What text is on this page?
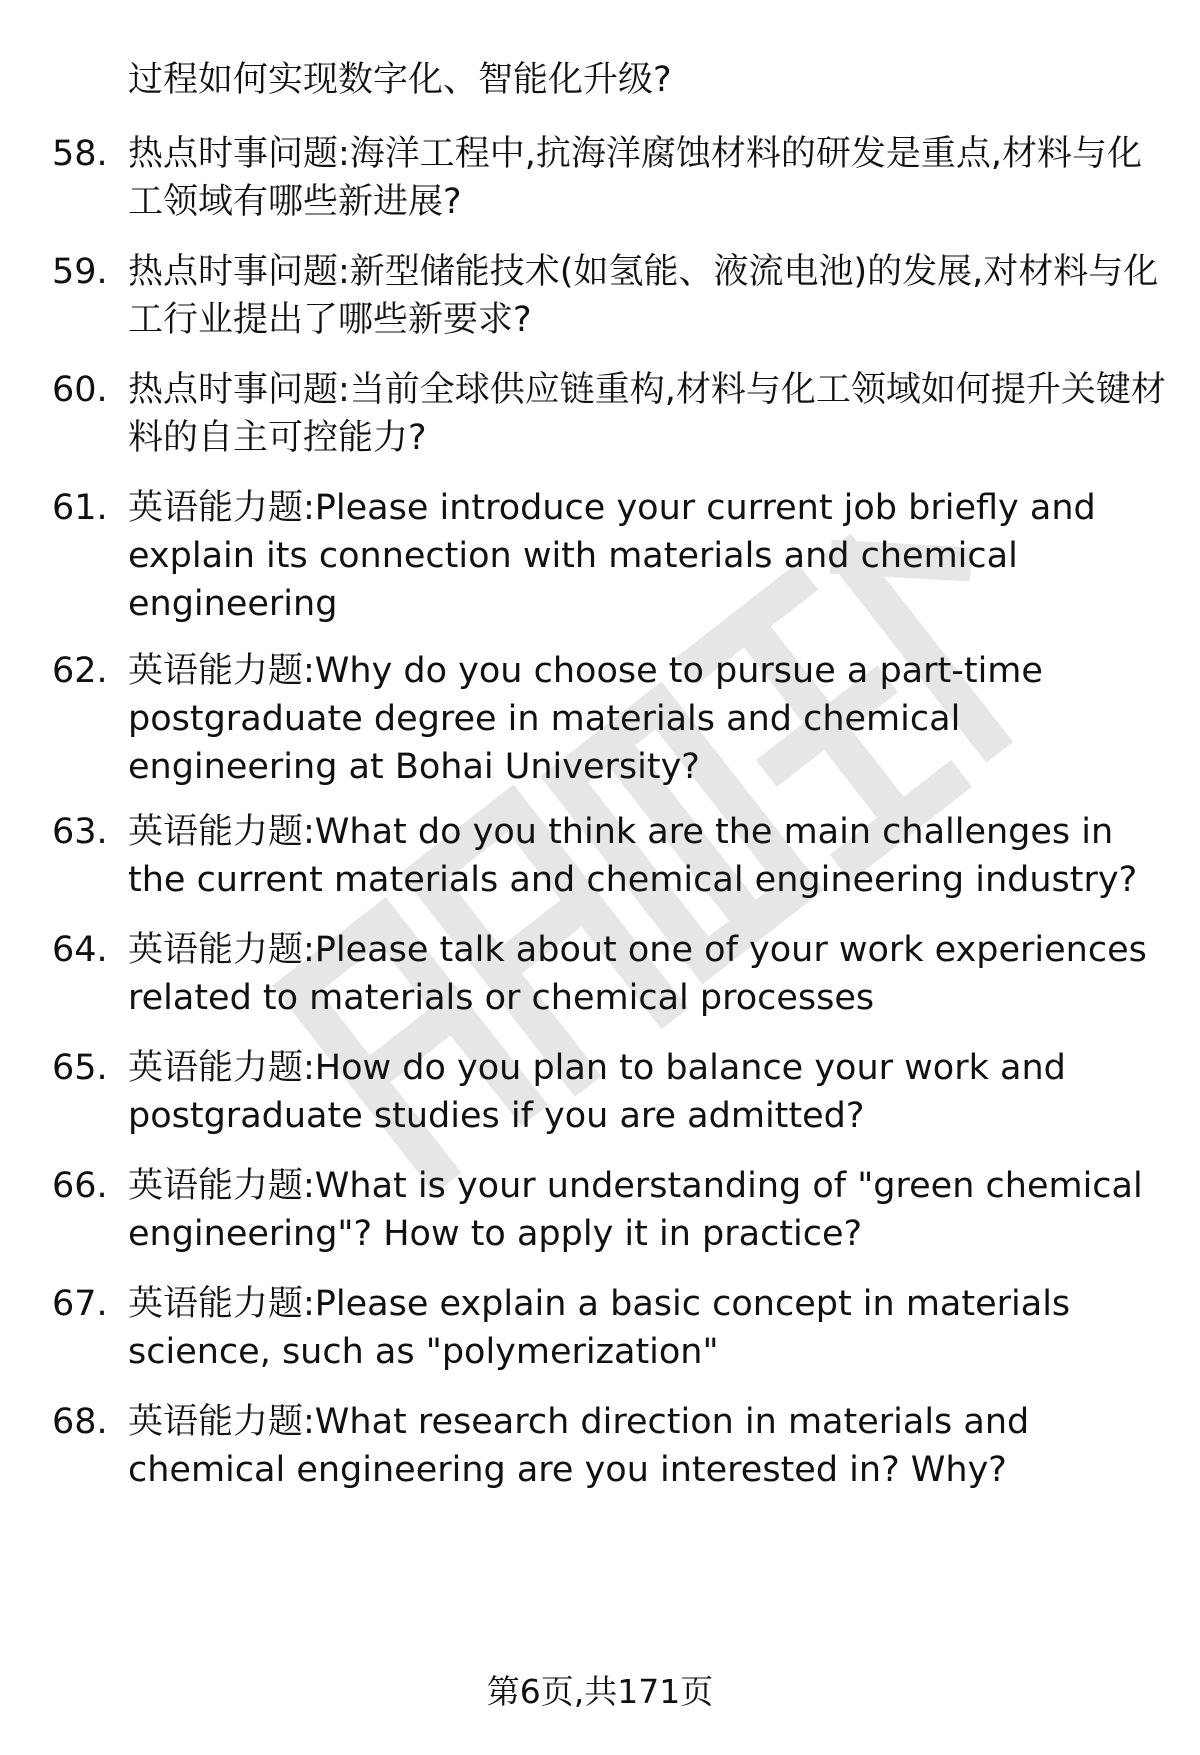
过程如何实现数字化、智能化升级?

58. 热点时事问题:海洋工程中,抗海洋腐蚀材料的研发是重点,材料与化工领域有哪些新进展?
59. 热点时事问题:新型储能技术(如氢能、液流电池)的发展,对材料与化工行业提出了哪些新要求?
60. 热点时事问题:当前全球供应链重构,材料与化工领域如何提升关键材料的自主可控能力?
61. 英语能力题:Please introduce your current job briefly and explain its connection with materials and chemical engineering
62. 英语能力题:Why do you choose to pursue a part-time postgraduate degree in materials and chemical engineering at Bohai University?
63. 英语能力题:What do you think are the main challenges in the current materials and chemical engineering industry?
64. 英语能力题:Please talk about one of your work experiences related to materials or chemical processes
65. 英语能力题:How do you plan to balance your work and postgraduate studies if you are admitted?
66. 英语能力题:What is your understanding of "green chemical engineering"? How to apply it in practice?
67. 英语能力题:Please explain a basic concept in materials science, such as "polymerization"
68. 英语能力题:What research direction in materials and chemical engineering are you interested in? Why?
第6页,共171页
